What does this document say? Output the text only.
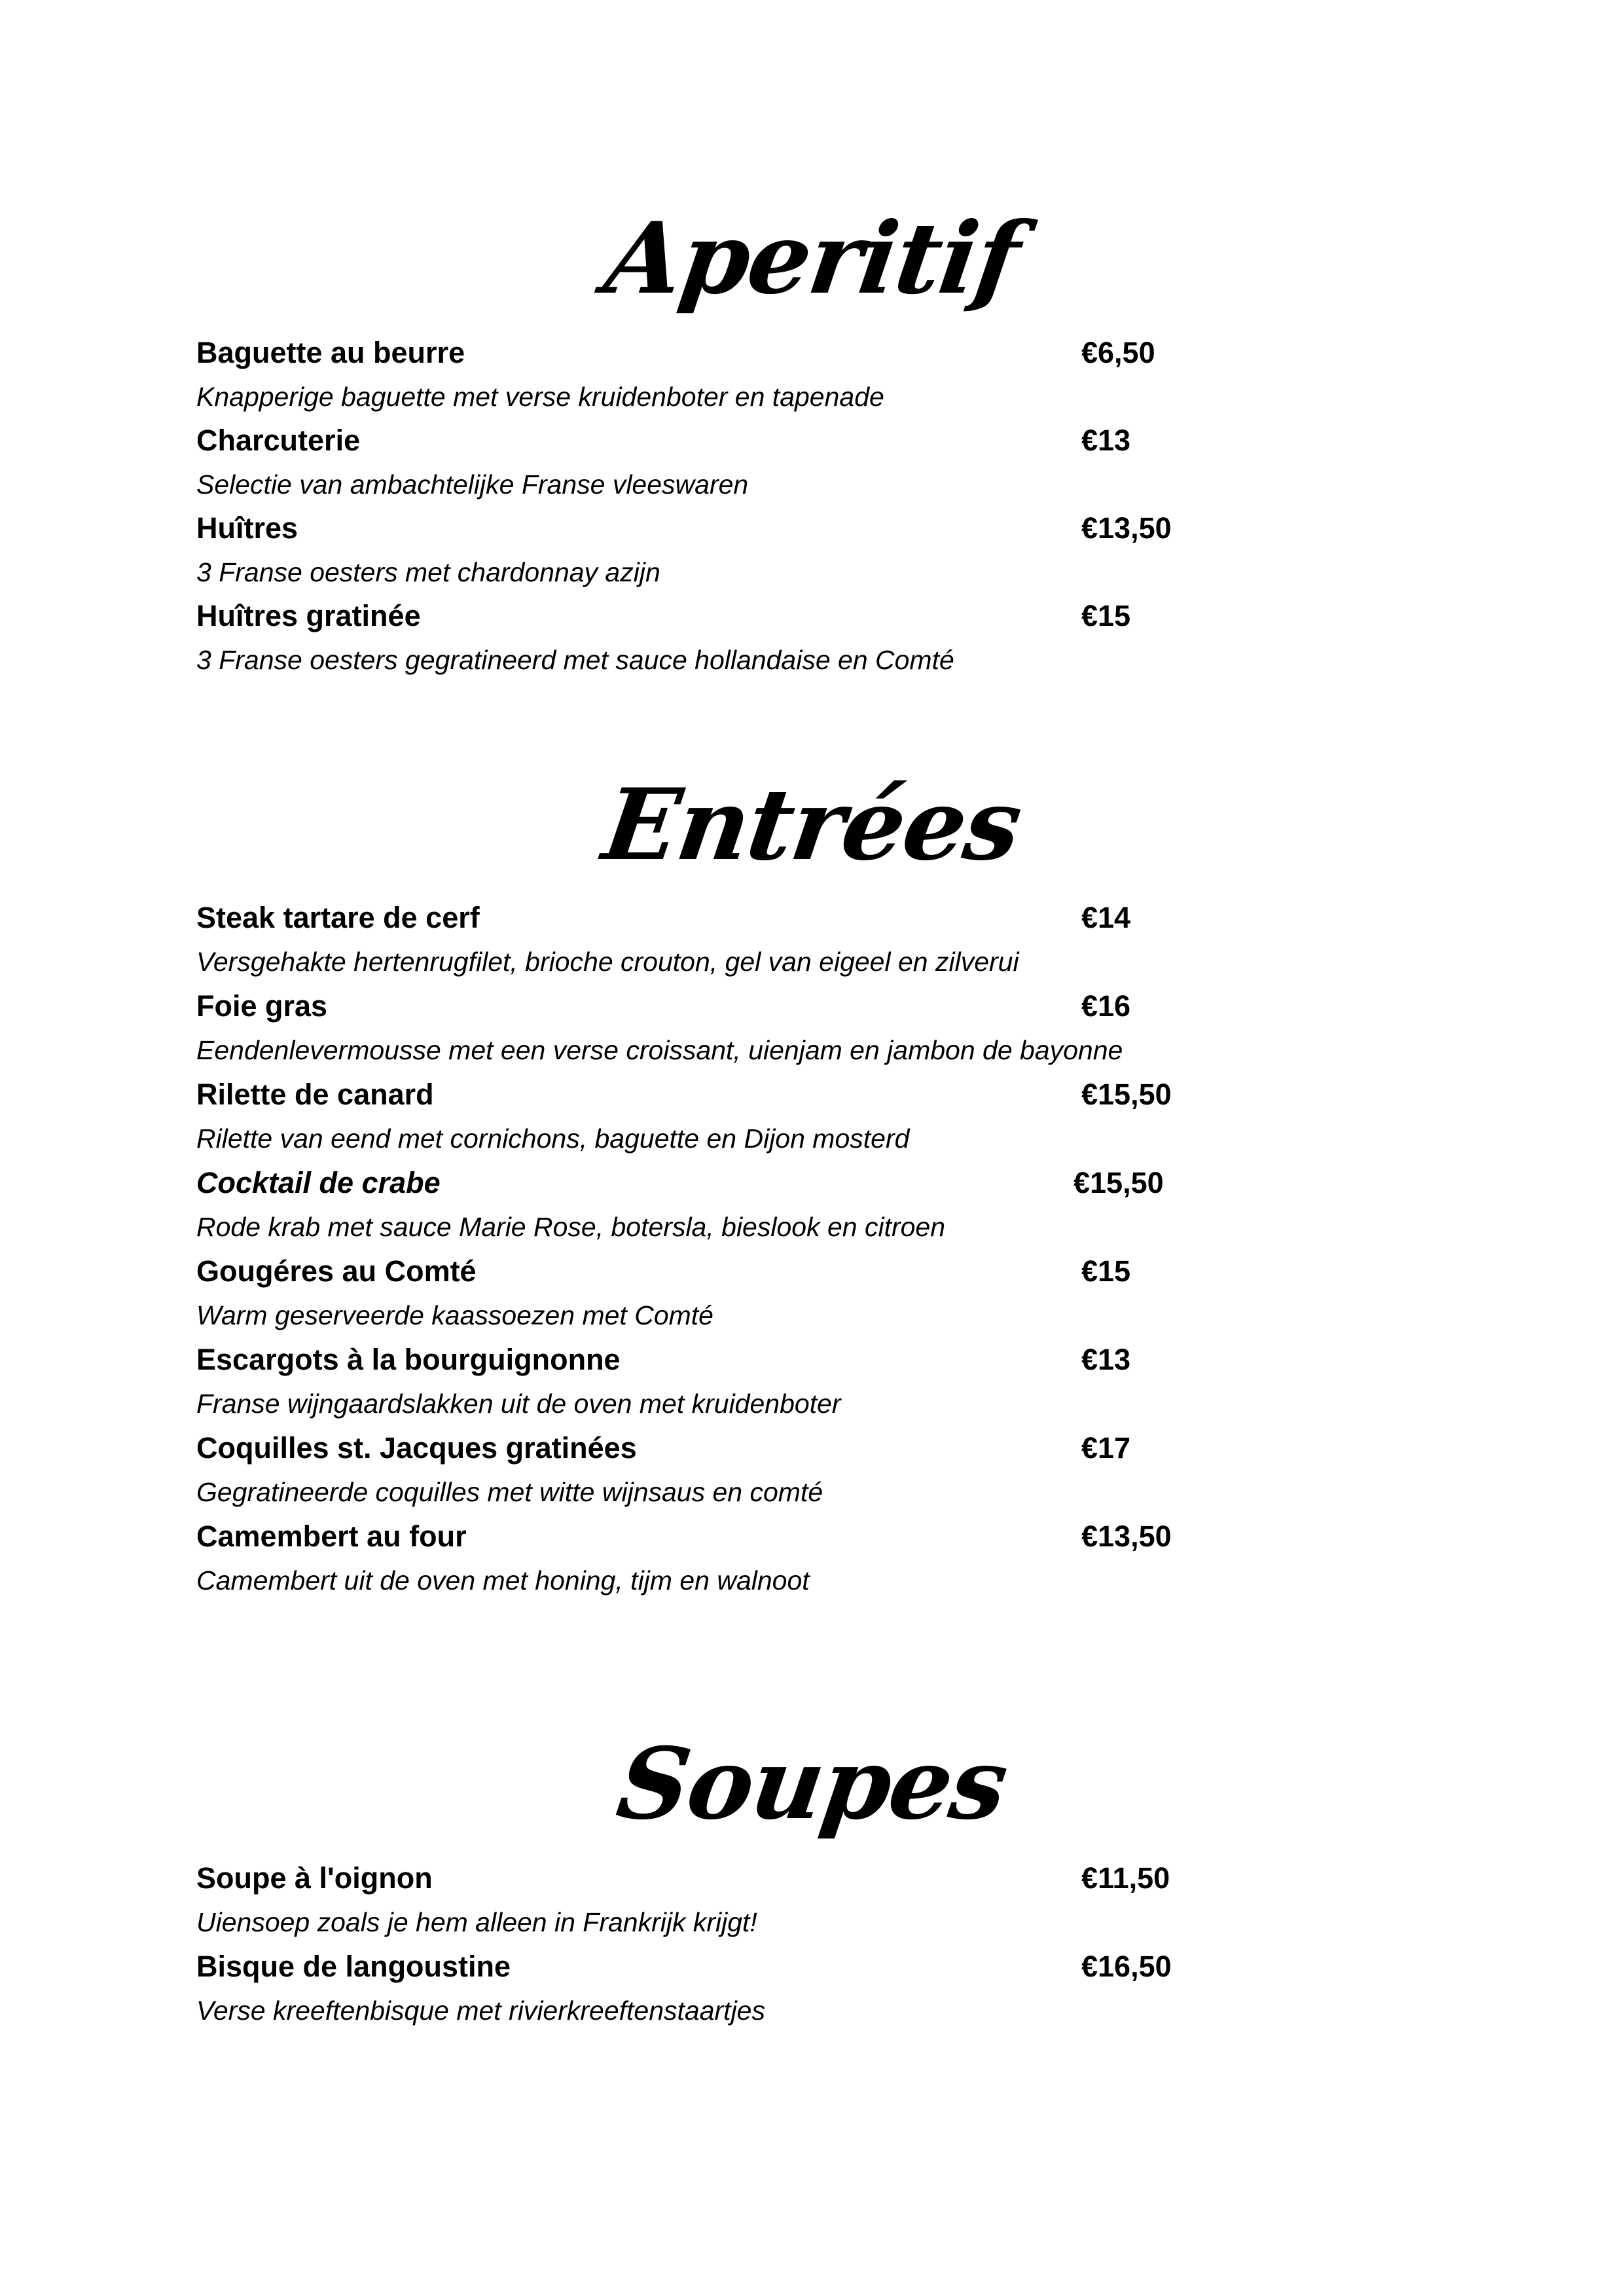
Aperitif
Baguette au beurre	€6,50
Knapperige baguette met verse kruidenboter en tapenade
Charcuterie	€13
Selectie van ambachtelijke Franse vleeswaren
Huîtres	€13,50
3 Franse oesters met chardonnay azijn
Huîtres gratinée	€15
3 Franse oesters gegratineerd met sauce hollandaise en Comté
Entrées
Steak tartare de cerf	€14
Versgehakte hertenrugfilet, brioche crouton, gel van eigeel en zilverui
Foie gras	€16
Eendenlevermousse met een verse croissant, uienjam en jambon de bayonne
Rilette de canard	€15,50
Rilette van eend met cornichons, baguette en Dijon mosterd
Cocktail de crabe	€15,50
Rode krab met sauce Marie Rose, botersla, bieslook en citroen
Gougéres au Comté	€15
Warm geserveerde kaassoezen met Comté
Escargots à la bourguignonne	€13
Franse wijngaardslakken uit de oven met kruidenboter
Coquilles st. Jacques gratinées	€17
Gegratineerde coquilles met witte wijnsaus en comté
Camembert au four	€13,50
Camembert uit de oven met honing, tijm en walnoot
Soupes
Soupe à l'oignon	€11,50
Uiensoep zoals je hem alleen in Frankrijk krijgt!
Bisque de langoustine	€16,50
Verse kreeftenbisque met rivierkreeftenstaartjes
